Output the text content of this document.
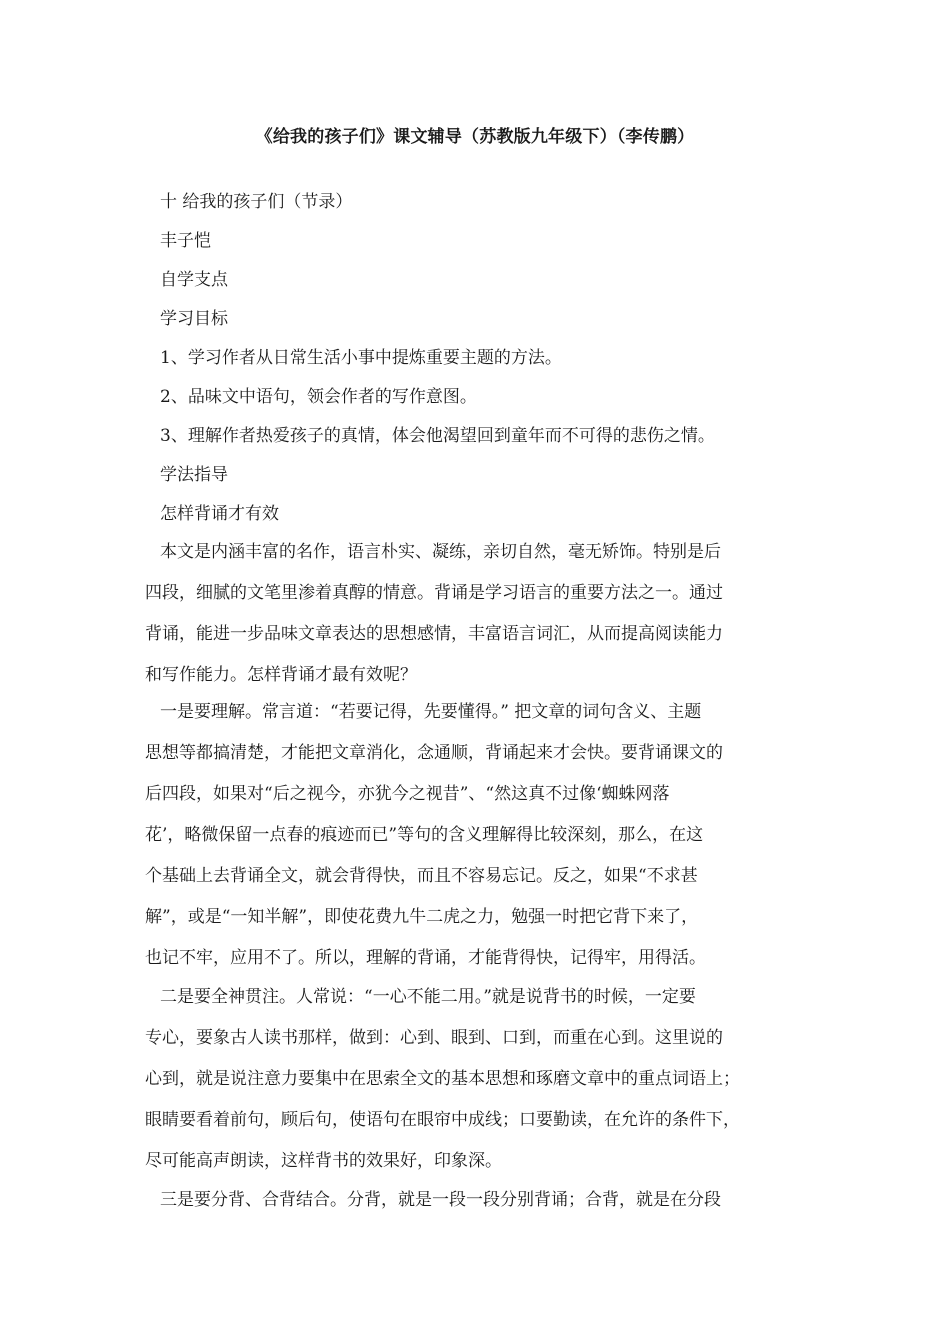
《给我的孩子们》课文辅导（苏教版九年级下）（李传鹏）
十 给我的孩子们（节录）
丰子恺
自学支点
学习目标
1、学习作者从日常生活小事中提炼重要主题的方法。
2、品味文中语句，领会作者的写作意图。
3、理解作者热爱孩子的真情，体会他渴望回到童年而不可得的悲伤之情。
学法指导
怎样背诵才有效
本文是内涵丰富的名作，语言朴实、凝练，亲切自然，毫无矫饰。特别是后
四段，细腻的文笔里渗着真醇的情意。背诵是学习语言的重要方法之一。通过
背诵，能进一步品味文章表达的思想感情，丰富语言词汇，从而提高阅读能力
和写作能力。怎样背诵才最有效呢？
一是要理解。常言道：“若要记得，先要懂得。” 把文章的词句含义、主题
思想等都搞清楚，才能把文章消化，念通顺，背诵起来才会快。要背诵课文的
后四段，如果对“后之视今，亦犹今之视昔”、“然这真不过像‘蜘蛛网落
花’，略微保留一点春的痕迹而已”等句的含义理解得比较深刻，那么，在这
个基础上去背诵全文，就会背得快，而且不容易忘记。反之，如果“不求甚
解”，或是“一知半解”，即使花费九牛二虎之力，勉强一时把它背下来了，
也记不牢，应用不了。所以，理解的背诵，才能背得快，记得牢，用得活。
二是要全神贯注。人常说：“一心不能二用。”就是说背书的时候，一定要
专心，要象古人读书那样，做到：心到、眼到、口到，而重在心到。这里说的
心到，就是说注意力要集中在思索全文的基本思想和琢磨文章中的重点词语上；
眼睛要看着前句，顾后句，使语句在眼帘中成线；口要勤读，在允许的条件下，
尽可能高声朗读，这样背书的效果好，印象深。
三是要分背、合背结合。分背，就是一段一段分别背诵；合背，就是在分段
